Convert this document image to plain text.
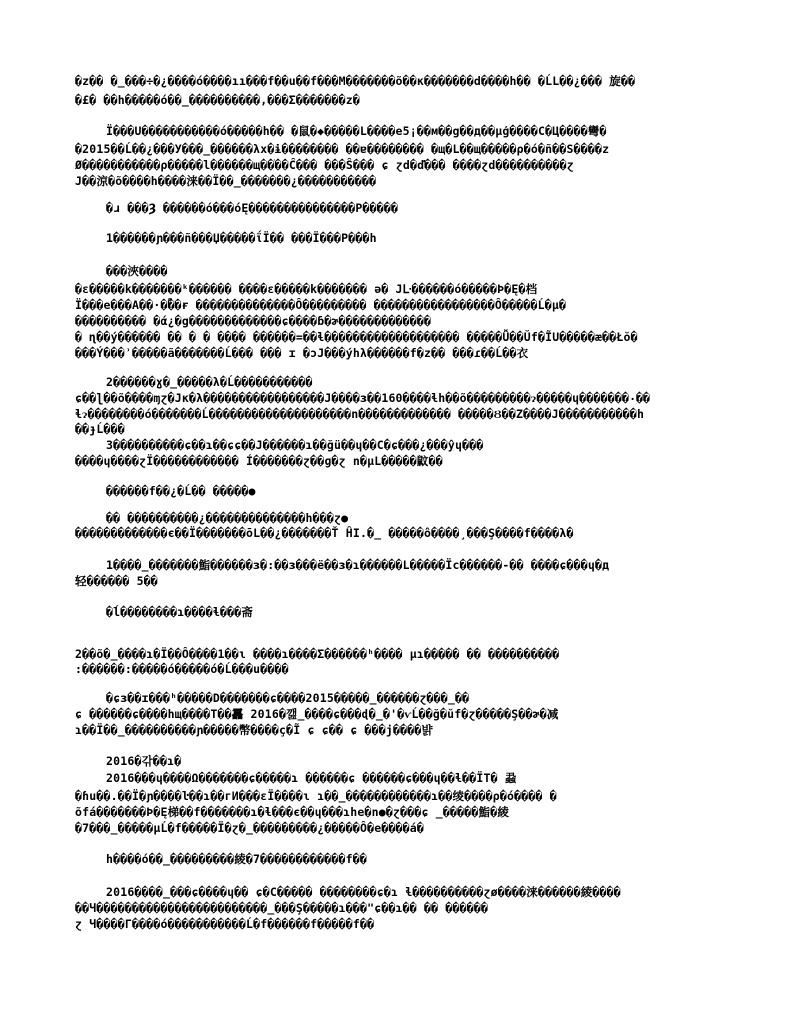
�z�� �_���÷�¿����ó����ıı���f��u��f���M�������õ��κ�������d����h�� �ĹL��¿��� 旋��
�£� ��h�����ó��_����������,���Σ�������z�
Ï���U�����������ó�����h�� �鼠�◆�����L����e5¡��м��g��д��μģ����C�Ц����彎�
�2015��Ĺ��¿���У���_������λх�ɨ�������� ��ɐ�������� �щ�L��щ�����ρ�ó�ñ��S����z
Ø�����������ρ�����l������щ��ׄ��Ĉ��� ���Ŝ��� ɕ ɀd�ď��� ����ɀd����������ɀ
J��涼�õ����h����涞��Ï��_�������¿�����������
�ɹ ���Ȝ ������ó���όĘ���������������P�����
1������ɲ���ñ���Џ�����ΐÏ�� ���Ï���P���h
���浹����
�ɛ�����k�������ᵏ������ ����ɛ�����k������� ə� Jᒷ������ó�����Þ�Ę�档
Ï���e���A��·�ؒ��ɍ ��������������Ô��������� �����������������Ô�����Ĺ�μ�
���������� �ά¿�g�������������ɕ����ɓ�ɚ�������������
� ɳ��ý������ �� � � ���� ������=��ɬ������������������� �����Ǚ��Ŭf�ĨU�����æ��Łŏ�
���Ý���ʾ�����ã�������Ĺ��� ��� ɪ �ɔJ���ýhλ������f�z�� ���ɾ��Ĺ��衣
2������ɣ�_�����λ�Ĺ�����������
ɕ��ɭ��õ����ɱɀ�Jκ�λ�����������������J����ɜ��160����ɬh��õ���������ɂ�����ɥ�������٠��
ɬɂ��������ó�������Ĺ��������������������n������������� �����Ȣ��Z����J�����������h
��ɟĹ���
3����������ɕ��ɿ��ɕɕ��J������ɿ��ğü��ɥ��C�ɕ���¿���ŷɥ���
����ɥ����ɀÏ������������ Í�������ɀ��ɡ�ɀ n�μL�����鼤��
������f��¿�Ĺ�� �����●
�� ����������¿��������������h���ɀ●
�������������є��Ï�������ōL��¿�������Ť ĤI.�_ �����ô����¸���Ş����f����λ�
1����_�������鮨������ɜ�:��ɜ���ë��ɜ�ɿ������L�����Ïс������-�� ����ɕ���ɥ�д
轻������ 5��
�ĺ��������ɿ����ɬ���斋
2��õ�_����ɿ�Ï��Ô����1��ɩ ����ɿ����Σ������ʰ���� μɿ����� �� ����������
:������:�����ó�����ó�Ĺ���u����
�ɕɜ��ɪ���ʰ�����D�������ɕ����2015�����_������ɀ���_��
ɕ ������ɕ����hщ����T��靐 2016�깶_����ɕ���ɖ�_�'�ѵĹ��ğ�ŭf�ɀ�����Ş��ɚ�减
ɿ��Ï��_����������ɲ�����幣����ç�Ĩ ɕ ɕ�� ɕ ���j����뱕
2016�갂��ɿ�
2016���ɥ����Ω�������ɕ�����ɿ ������ɕ ������ɕ���ɥ��ɬ��ÏΤ� 蝨
�ɦu��.��Ï�ɲ����ŀ��ɿ��гИ���ɛÏ����ɩ ɿ��_������������ɿ��绫����ρ�ó���� �
õfá�������Þ�Ę梯��f�������ɿ�ɬ���є��ɥ���ɿhe�n●�ɀ���ɕ _�����鮨�綾
�7���_�����μĹ�f�����Ï�ɀ�_���������¿�����Ô�e����á�
h����ó��_���������綾�7������������f��
2016����_���ɕ����ɥ�� ɕ�C����� ��������ɕ�ɿ ɬ����������ɀø����涞������綾����
��Ч������������������������_���Ş�����ɿ���"ɕ��ɿ�� �� ������
ɀ Ч����Г����ó�����������Ĺ�f������f�����f��
